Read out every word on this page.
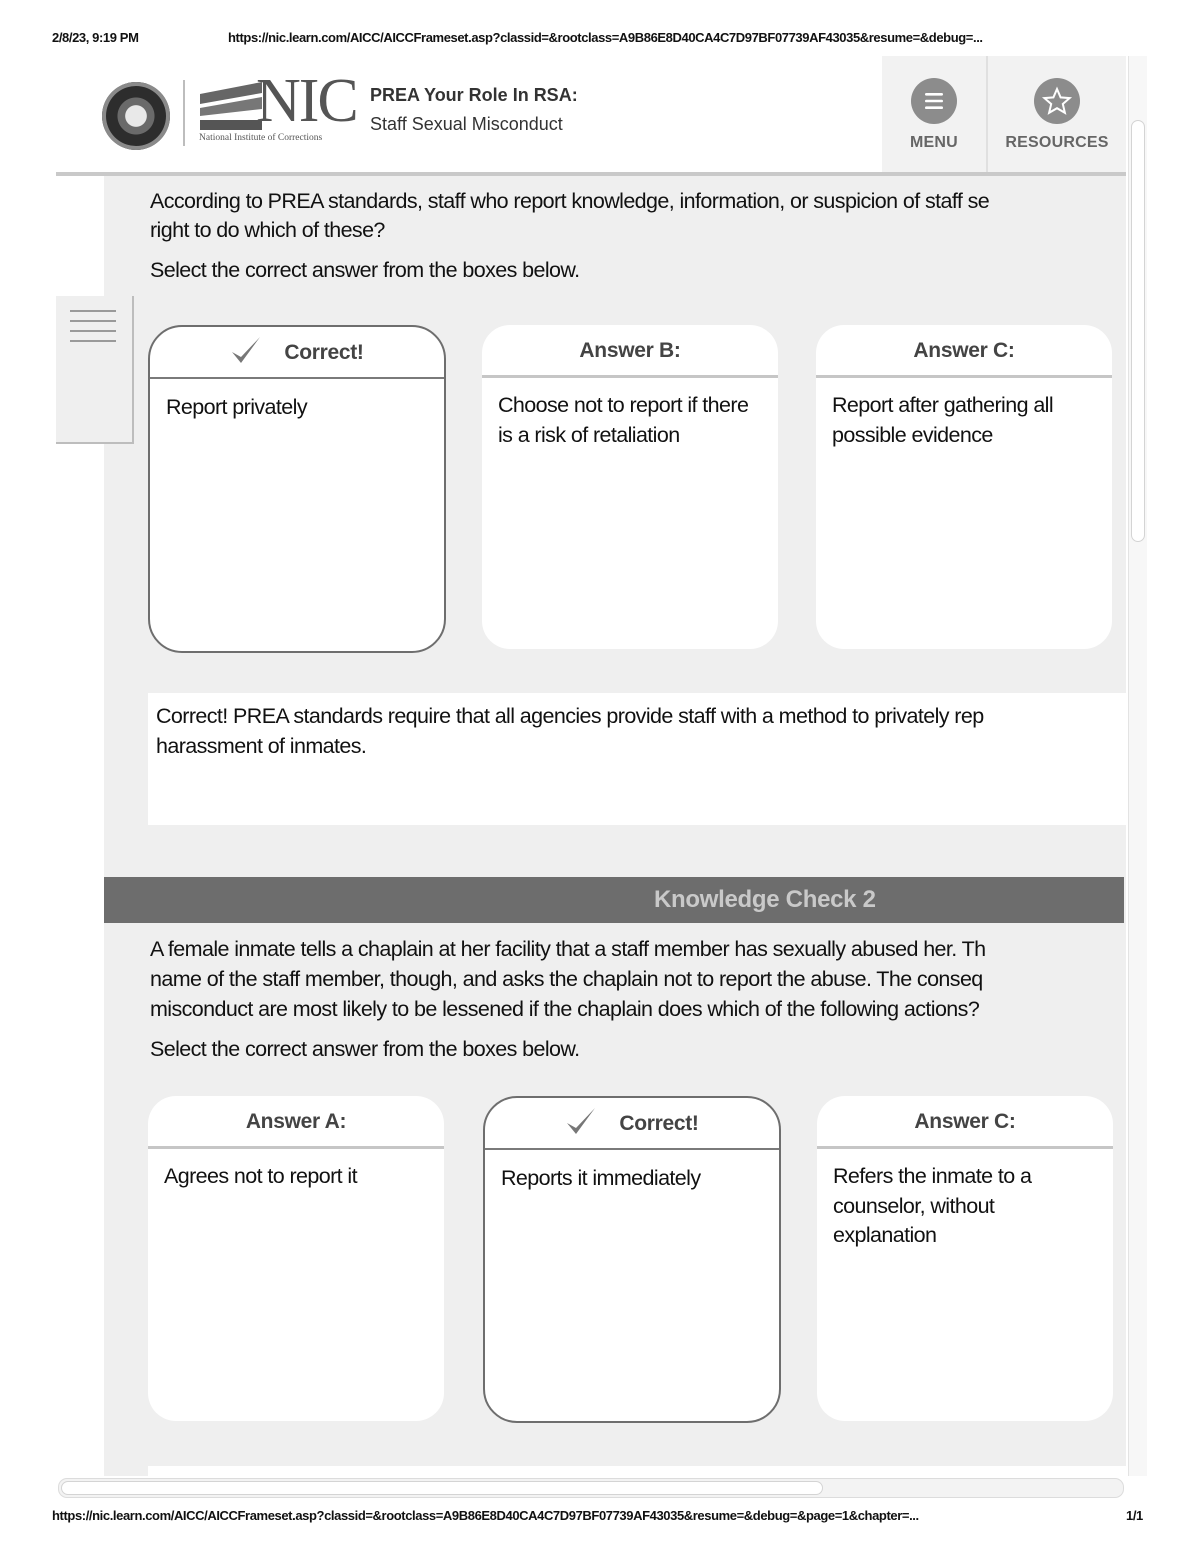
2/8/23, 9:19 PM	https://nic.learn.com/AICC/AICCFrameset.asp?classid=&rootclass=A9B86E8D40CA4C7D97BF07739AF43035&resume=&debug=...
NIC
National Institute of Corrections
PREA Your Role In RSA:
Staff Sexual Misconduct
MENU	RESOURCES
According to PREA standards, staff who report knowledge, information, or suspicion of staff se
right to do which of these?
Select the correct answer from the boxes below.
Correct!
Report privately
Answer B:
Choose not to report if there is a risk of retaliation
Answer C:
Report after gathering all possible evidence
Correct! PREA standards require that all agencies provide staff with a method to privately rep
harassment of inmates.
Knowledge Check 2
A female inmate tells a chaplain at her facility that a staff member has sexually abused her. Th
name of the staff member, though, and asks the chaplain not to report the abuse. The conseq
misconduct are most likely to be lessened if the chaplain does which of the following actions?
Select the correct answer from the boxes below.
Answer A:
Agrees not to report it
Correct!
Reports it immediately
Answer C:
Refers the inmate to a counselor, without explanation
https://nic.learn.com/AICC/AICCFrameset.asp?classid=&rootclass=A9B86E8D40CA4C7D97BF07739AF43035&resume=&debug=&page=1&chapter=...	1/1
